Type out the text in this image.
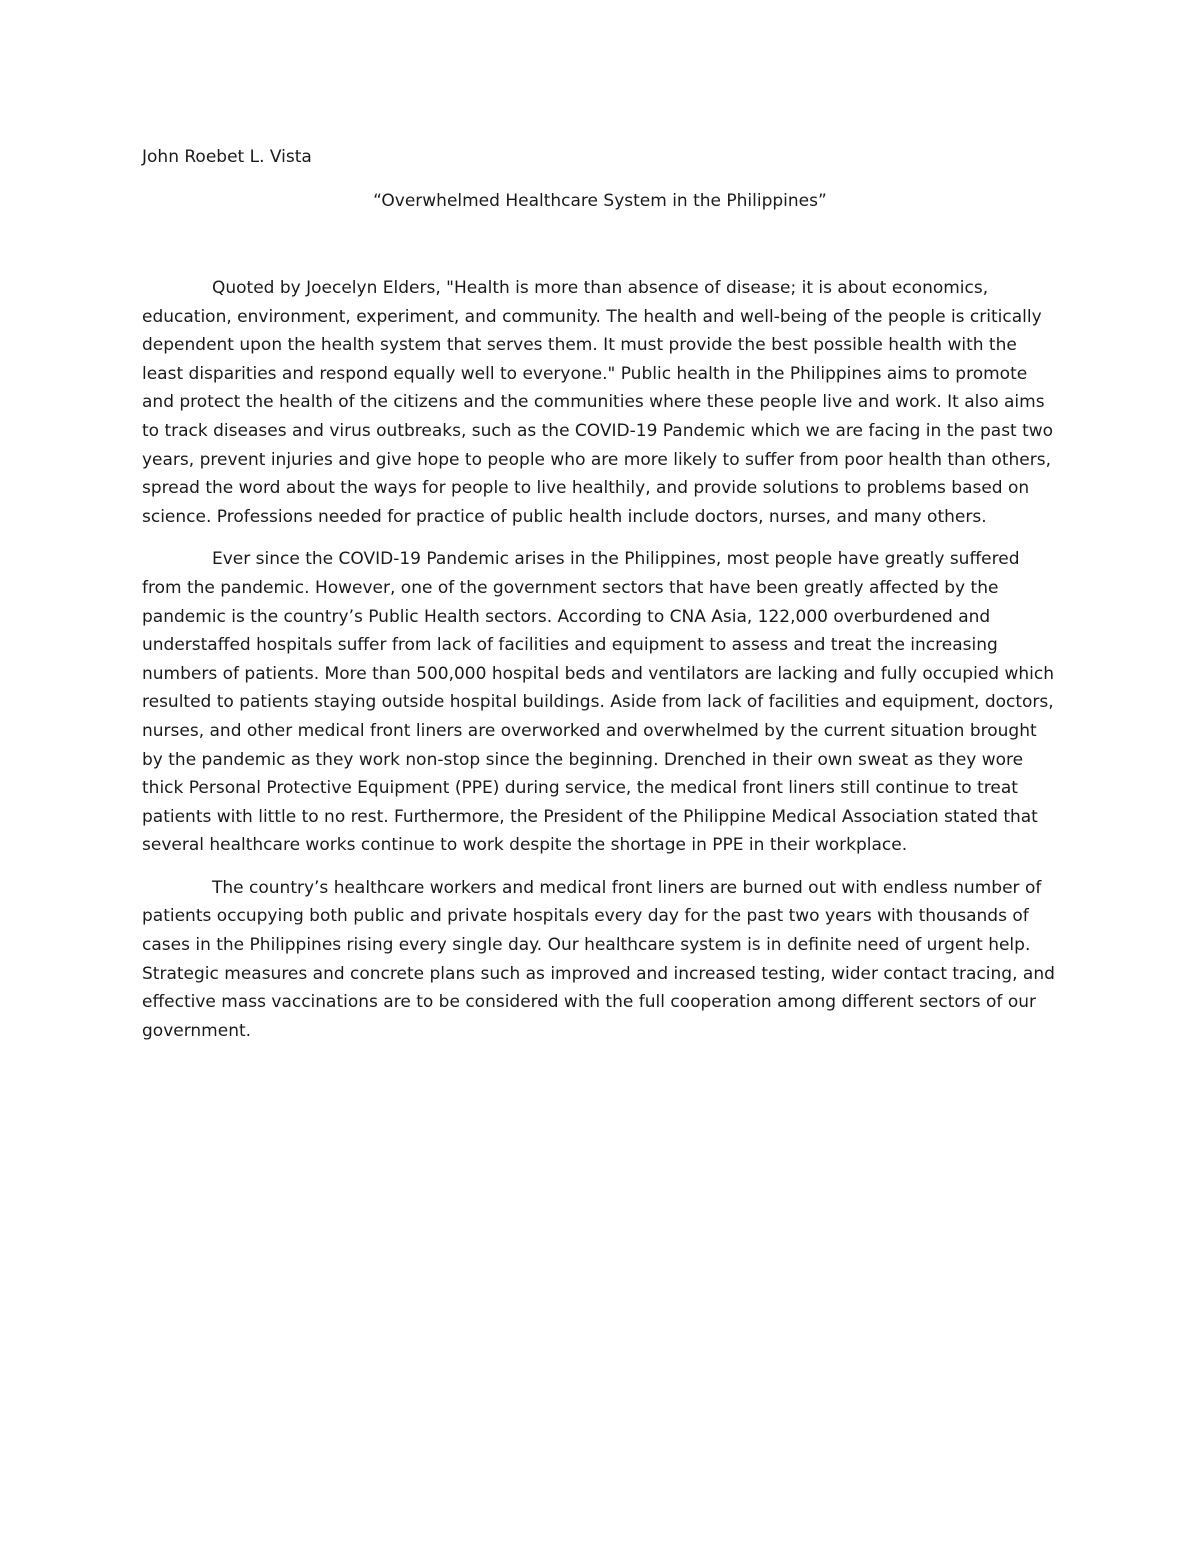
John Roebet L. Vista

“Overwhelmed Healthcare System in the Philippines”

Quoted by Joecelyn Elders, "Health is more than absence of disease; it is about economics, education, environment, experiment, and community. The health and well-being of the people is critically dependent upon the health system that serves them. It must provide the best possible health with the least disparities and respond equally well to everyone." Public health in the Philippines aims to promote and protect the health of the citizens and the communities where these people live and work. It also aims to track diseases and virus outbreaks, such as the COVID-19 Pandemic which we are facing in the past two years, prevent injuries and give hope to people who are more likely to suffer from poor health than others, spread the word about the ways for people to live healthily, and provide solutions to problems based on science. Professions needed for practice of public health include doctors, nurses, and many others.

Ever since the COVID-19 Pandemic arises in the Philippines, most people have greatly suffered from the pandemic. However, one of the government sectors that have been greatly affected by the pandemic is the country’s Public Health sectors. According to CNA Asia, 122,000 overburdened and understaffed hospitals suffer from lack of facilities and equipment to assess and treat the increasing numbers of patients. More than 500,000 hospital beds and ventilators are lacking and fully occupied which resulted to patients staying outside hospital buildings. Aside from lack of facilities and equipment, doctors, nurses, and other medical front liners are overworked and overwhelmed by the current situation brought by the pandemic as they work non-stop since the beginning. Drenched in their own sweat as they wore thick Personal Protective Equipment (PPE) during service, the medical front liners still continue to treat patients with little to no rest. Furthermore, the President of the Philippine Medical Association stated that several healthcare works continue to work despite the shortage in PPE in their workplace.

The country’s healthcare workers and medical front liners are burned out with endless number of patients occupying both public and private hospitals every day for the past two years with thousands of cases in the Philippines rising every single day. Our healthcare system is in definite need of urgent help. Strategic measures and concrete plans such as improved and increased testing, wider contact tracing, and effective mass vaccinations are to be considered with the full cooperation among different sectors of our government.
